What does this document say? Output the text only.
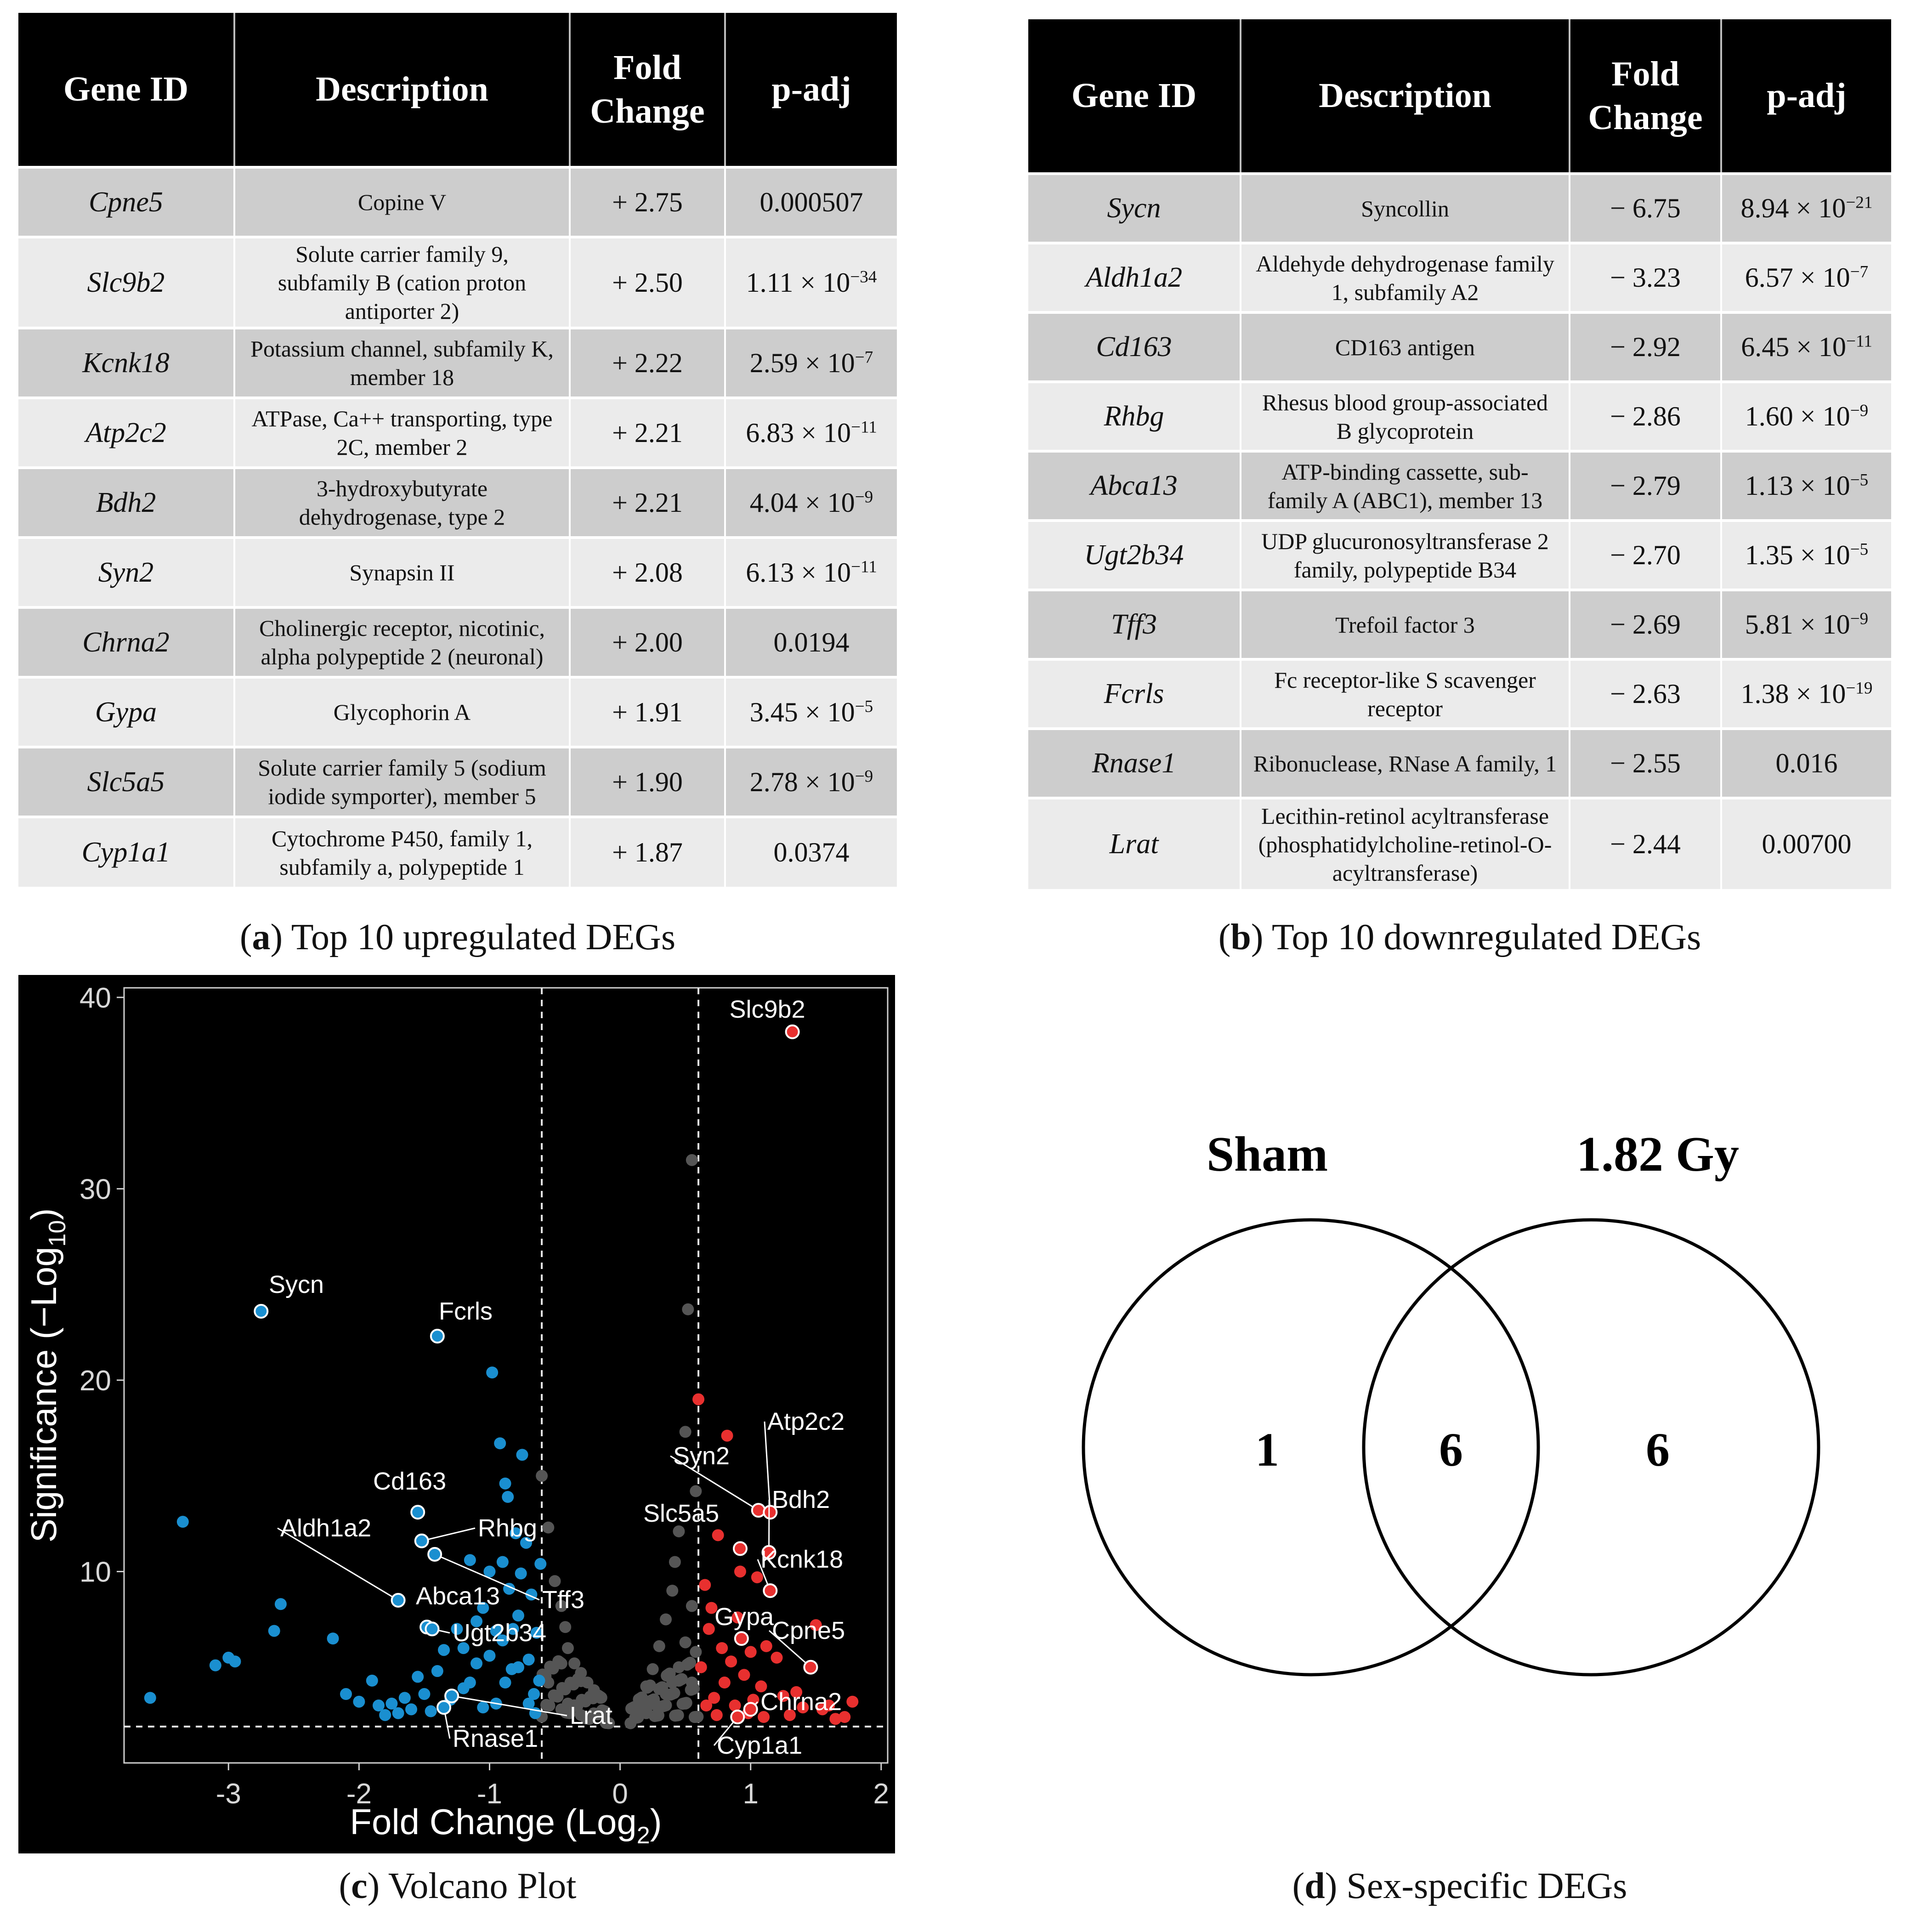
Gene ID	Description	Fold
Change	p-adj
Cpne5	Copine V	+ 2.75	0.000507
Slc9b2	Solute carrier family 9,
subfamily B (cation proton
antiporter 2)	+ 2.50	$1.11 \times 10^{-34}$
Kcnk18	Potassium channel, subfamily K,
member 18	+ 2.22	$2.59 \times 10^{-7}$
Atp2c2	ATPase, Ca++ transporting, type
2C, member 2	+ 2.21	$6.83 \times 10^{-11}$
Bdh2	3-hydroxybutyrate
dehydrogenase, type 2	+ 2.21	$4.04 \times 10^{-9}$
Syn2	Synapsin II	+ 2.08	$6.13 \times 10^{-11}$
Chrna2	Cholinergic receptor, nicotinic,
alpha polypeptide 2 (neuronal)	+ 2.00	0.0194
Gypa	Glycophorin A	+ 1.91	$3.45 \times 10^{-5}$
Slc5a5	Solute carrier family 5 (sodium
iodide symporter), member 5	+ 1.90	$2.78 \times 10^{-9}$
Cyp1a1	Cytochrome P450, family 1,
subfamily a, polypeptide 1	+ 1.87	0.0374
(a) Top 10 upregulated DEGs
Gene ID	Description	Fold
Change	p-adj
Sycn	Syncollin	− 6.75	$8.94 \times 10^{-21}$
Aldh1a2	Aldehyde dehydrogenase family
1, subfamily A2	− 3.23	$6.57 \times 10^{-7}$
Cd163	CD163 antigen	− 2.92	$6.45 \times 10^{-11}$
Rhbg	Rhesus blood group-associated
B glycoprotein	− 2.86	$1.60 \times 10^{-9}$
Abca13	ATP-binding cassette, sub-
family A (ABC1), member 13	− 2.79	$1.13 \times 10^{-5}$
Ugt2b34	UDP glucuronosyltransferase 2
family, polypeptide B34	− 2.70	$1.35 \times 10^{-5}$
Tff3	Trefoil factor 3	− 2.69	$5.81 \times 10^{-9}$
Fcrls	Fc receptor-like S scavenger
receptor	− 2.63	$1.38 \times 10^{-19}$
Rnase1	Ribonuclease, RNase A family, 1	− 2.55	0.016
Lrat	Lecithin-retinol acyltransferase
(phosphatidylcholine-retinol-O-
acyltransferase)	− 2.44	0.00700
(b) Top 10 downregulated DEGs
-3	-2	-1	0	1	2
10
20
30
40
Fold Change (Log$_2$)
Significance (−Log$_{10}$)
Slc9b2
Sycn
Fcrls
Cd163
Rhbg
Aldh1a2
Tff3
Abca13
Ugt2b34
Rnase1
Lrat
Syn2
Atp2c2
Bdh2
Slc5a5
Kcnk18
Gypa
Cpne5
Chrna2
Cyp1a1
(c) Volcano Plot
Sham	1.82 Gy
1	6	6
(d) Sex-specific DEGs
